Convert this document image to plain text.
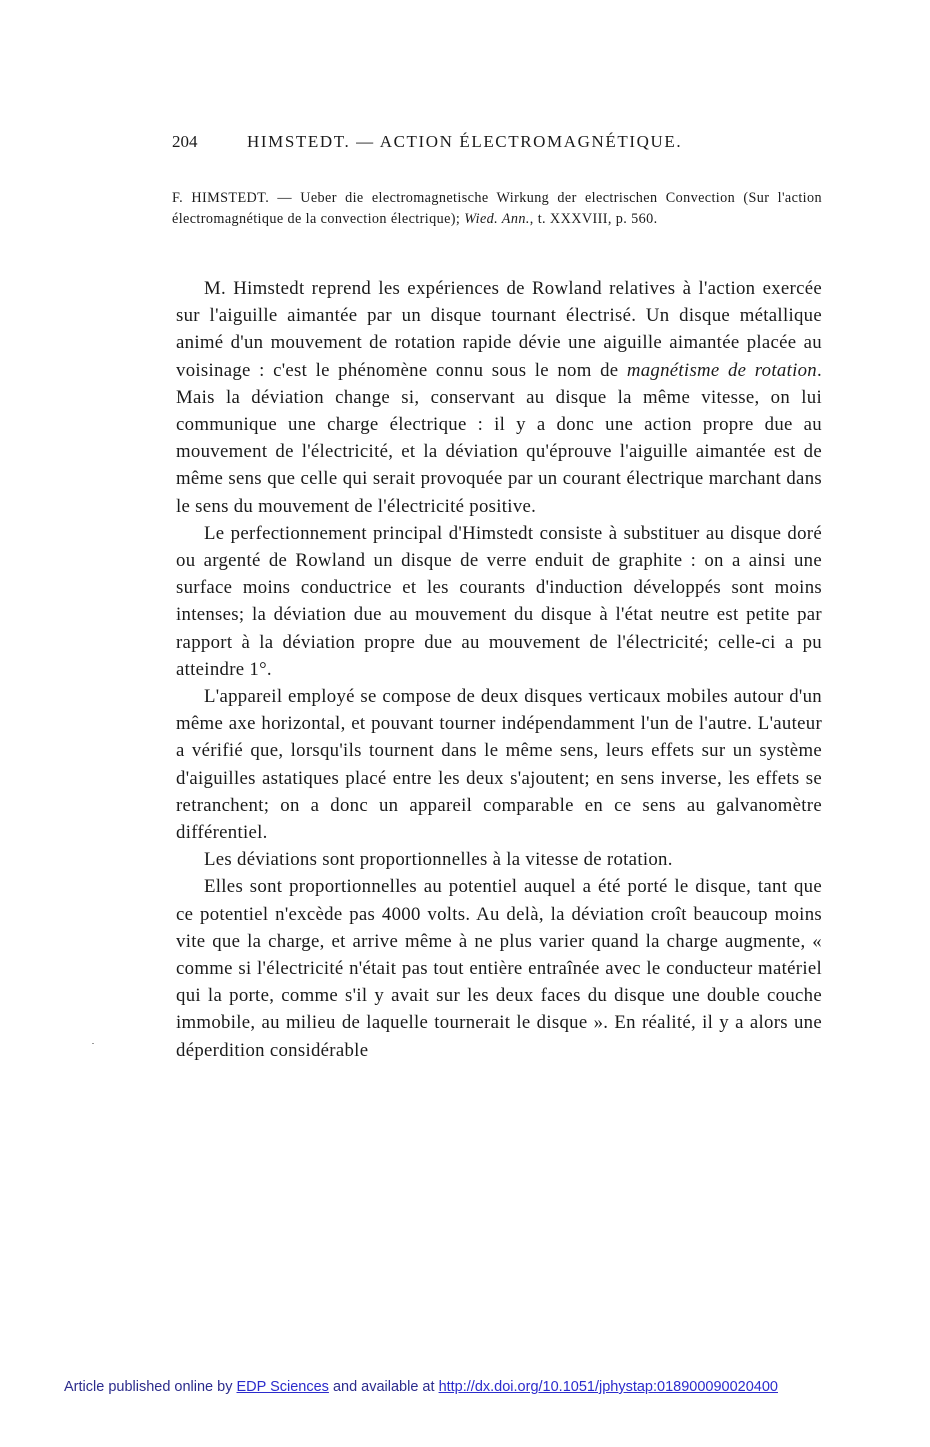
204	HIMSTEDT. — ACTION ÉLECTROMAGNÉTIQUE.
F. HIMSTEDT. — Ueber die electromagnetische Wirkung der electrischen Convection (Sur l'action électromagnétique de la convection électrique); Wied. Ann., t. XXXVIII, p. 560.

M. Himstedt reprend les expériences de Rowland relatives à l'action exercée sur l'aiguille aimantée par un disque tournant électrisé. Un disque métallique animé d'un mouvement de rotation rapide dévie une aiguille aimantée placée au voisinage : c'est le phénomène connu sous le nom de magnétisme de rotation. Mais la déviation change si, conservant au disque la même vitesse, on lui communique une charge électrique : il y a donc une action propre due au mouvement de l'électricité, et la déviation qu'éprouve l'aiguille aimantée est de même sens que celle qui serait provoquée par un courant électrique marchant dans le sens du mouvement de l'électricité positive.

Le perfectionnement principal d'Himstedt consiste à substituer au disque doré ou argenté de Rowland un disque de verre enduit de graphite : on a ainsi une surface moins conductrice et les courants d'induction développés sont moins intenses; la déviation due au mouvement du disque à l'état neutre est petite par rapport à la déviation propre due au mouvement de l'électricité; celle-ci a pu atteindre 1°.

L'appareil employé se compose de deux disques verticaux mobiles autour d'un même axe horizontal, et pouvant tourner indépendamment l'un de l'autre. L'auteur a vérifié que, lorsqu'ils tournent dans le même sens, leurs effets sur un système d'aiguilles astatiques placé entre les deux s'ajoutent; en sens inverse, les effets se retranchent; on a donc un appareil comparable en ce sens au galvanomètre différentiel.

Les déviations sont proportionnelles à la vitesse de rotation.

Elles sont proportionnelles au potentiel auquel a été porté le disque, tant que ce potentiel n'excède pas 4000 volts. Au delà, la déviation croît beaucoup moins vite que la charge, et arrive même à ne plus varier quand la charge augmente, « comme si l'électricité n'était pas tout entière entraînée avec le conducteur matériel qui la porte, comme s'il y avait sur les deux faces du disque une double couche immobile, au milieu de laquelle tournerait le disque ». En réalité, il y a alors une déperdition considérable

Article published online by EDP Sciences and available at http://dx.doi.org/10.1051/jphystap:018900090020400
